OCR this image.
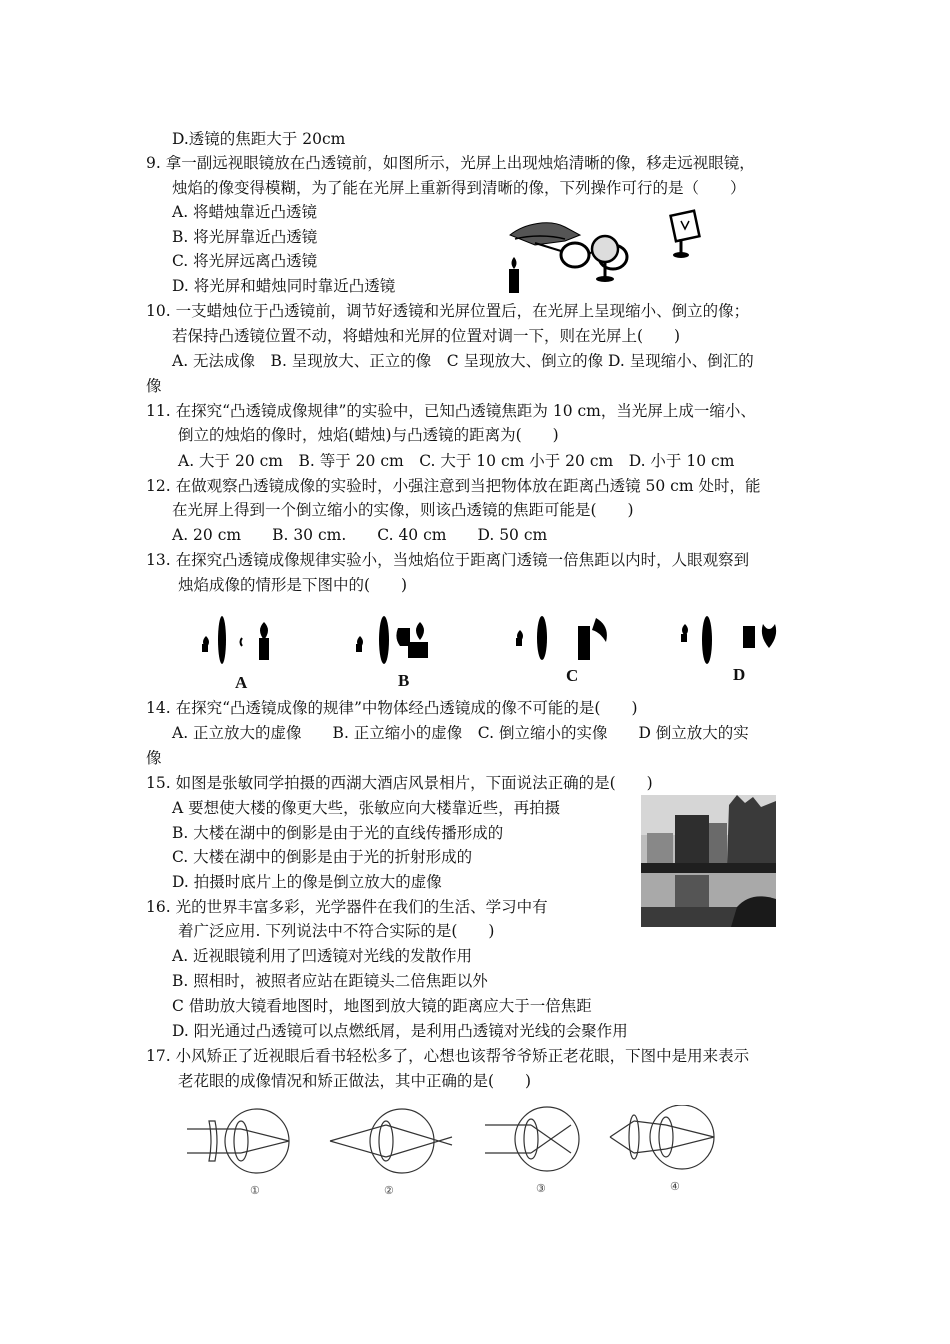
D.透镜的焦距大于 20cm
9. 拿一副远视眼镜放在凸透镜前，如图所示，光屏上出现烛焰清晰的像，移走远视眼镜，
烛焰的像变得模糊，为了能在光屏上重新得到清晰的像，下列操作可行的是（　　）
A. 将蜡烛靠近凸透镜
B. 将光屏靠近凸透镜
C. 将光屏远离凸透镜
D. 将光屏和蜡烛同时靠近凸透镜
10. 一支蜡烛位于凸透镜前，调节好透镜和光屏位置后，在光屏上呈现缩小、倒立的像；
若保持凸透镜位置不动，将蜡烛和光屏的位置对调一下，则在光屏上(　　)
A. 无法成像　B. 呈现放大、正立的像　C 呈现放大、倒立的像 D. 呈现缩小、倒汇的
像
11. 在探究“凸透镜成像规律”的实验中，已知凸透镜焦距为 10 cm，当光屏上成一缩小、
倒立的烛焰的像时，烛焰(蜡烛)与凸透镜的距离为(　　)
A. 大于 20 cm　B. 等于 20 cm　C. 大于 10 cm 小于 20 cm　D. 小于 10 cm
12. 在做观察凸透镜成像的实验时，小强注意到当把物体放在距离凸透镜 50 cm 处时，能
在光屏上得到一个倒立缩小的实像，则该凸透镜的焦距可能是(　　)
A. 20 cm　　B. 30 cm.　　C. 40 cm　　D. 50 cm
13. 在探究凸透镜成像规律实验小，当烛焰位于距离门透镜一倍焦距以内时，人眼观察到
烛焰成像的情形是下图中的(　　)
14. 在探究“凸透镜成像的规律”中物体经凸透镜成的像不可能的是(　　)
A. 正立放大的虚像　　B. 正立缩小的虚像　C. 倒立缩小的实像　　D 倒立放大的实
像
15. 如图是张敏同学拍摄的西湖大酒店风景相片，下面说法正确的是(　　)
A 要想使大楼的像更大些，张敏应向大楼靠近些，再拍摄
B. 大楼在湖中的倒影是由于光的直线传播形成的
C. 大楼在湖中的倒影是由于光的折射形成的
D. 拍摄时底片上的像是倒立放大的虚像
16. 光的世界丰富多彩，光学器件在我们的生活、学习中有
着广泛应用. 下列说法中不符合实际的是(　　)
A. 近视眼镜利用了凹透镜对光线的发散作用
B. 照相时，被照者应站在距镜头二倍焦距以外
C 借助放大镜看地图时，地图到放大镜的距离应大于一倍焦距
D. 阳光通过凸透镜可以点燃纸屑，是利用凸透镜对光线的会聚作用
17. 小风矫正了近视眼后看书轻松多了，心想也该帮爷爷矫正老花眼，下图中是用来表示
老花眼的成像情况和矫正做法，其中正确的是(　　)
A	B	C	D
①	②	③	④
